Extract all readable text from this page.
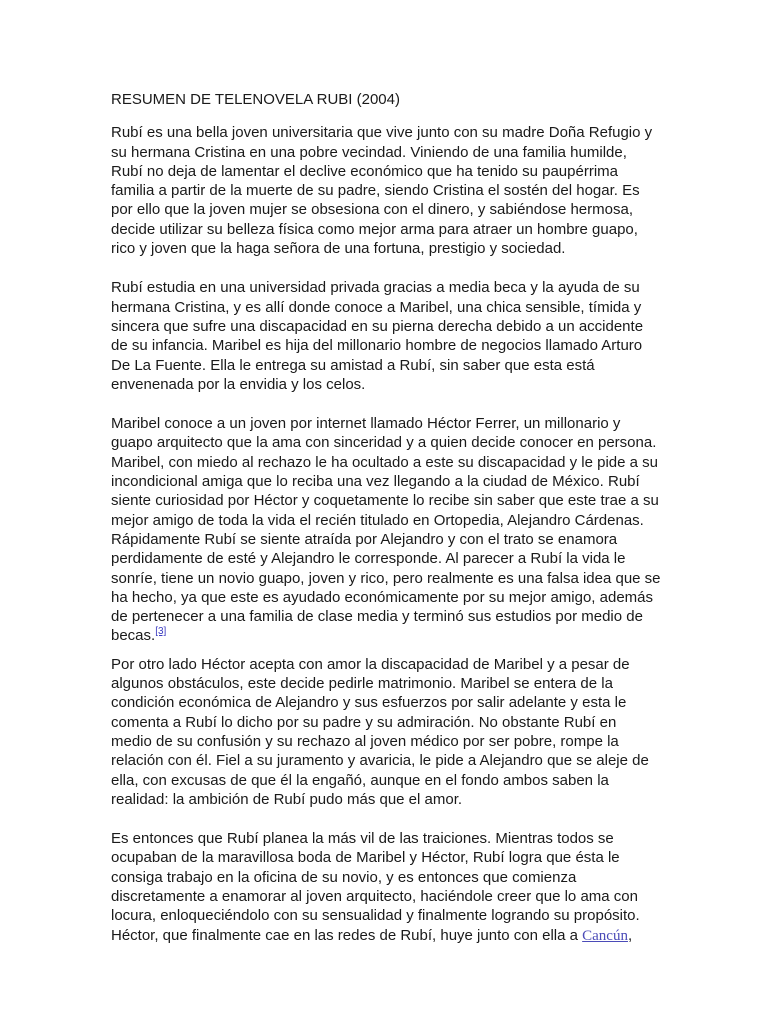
RESUMEN DE TELENOVELA RUBI (2004)

Rubí es una bella joven universitaria que vive junto con su madre Doña Refugio y su hermana Cristina en una pobre vecindad. Viniendo de una familia humilde, Rubí no deja de lamentar el declive económico que ha tenido su paupérrima familia a partir de la muerte de su padre, siendo Cristina el sostén del hogar. Es por ello que la joven mujer se obsesiona con el dinero, y sabiéndose hermosa, decide utilizar su belleza física como mejor arma para atraer un hombre guapo, rico y joven que la haga señora de una fortuna, prestigio y sociedad.

Rubí estudia en una universidad privada gracias a media beca y la ayuda de su hermana Cristina, y es allí donde conoce a Maribel, una chica sensible, tímida y sincera que sufre una discapacidad en su pierna derecha debido a un accidente de su infancia. Maribel es hija del millonario hombre de negocios llamado Arturo De La Fuente. Ella le entrega su amistad a Rubí, sin saber que esta está envenenada por la envidia y los celos.

Maribel conoce a un joven por internet llamado Héctor Ferrer, un millonario y guapo arquitecto que la ama con sinceridad y a quien decide conocer en persona. Maribel, con miedo al rechazo le ha ocultado a este su discapacidad y le pide a su incondicional amiga que lo reciba una vez llegando a la ciudad de México. Rubí siente curiosidad por Héctor y coquetamente lo recibe sin saber que este trae a su mejor amigo de toda la vida el recién titulado en Ortopedia, Alejandro Cárdenas. Rápidamente Rubí se siente atraída por Alejandro y con el trato se enamora perdidamente de esté y Alejandro le corresponde. Al parecer a Rubí la vida le sonríe, tiene un novio guapo, joven y rico, pero realmente es una falsa idea que se ha hecho, ya que este es ayudado económicamente por su mejor amigo, además de pertenecer a una familia de clase media y terminó sus estudios por medio de becas.[3]

Por otro lado Héctor acepta con amor la discapacidad de Maribel y a pesar de algunos obstáculos, este decide pedirle matrimonio. Maribel se entera de la condición económica de Alejandro y sus esfuerzos por salir adelante y esta le comenta a Rubí lo dicho por su padre y su admiración. No obstante Rubí en medio de su confusión y su rechazo al joven médico por ser pobre, rompe la relación con él. Fiel a su juramento y avaricia, le pide a Alejandro que se aleje de ella, con excusas de que él la engañó, aunque en el fondo ambos saben la realidad: la ambición de Rubí pudo más que el amor.

Es entonces que Rubí planea la más vil de las traiciones. Mientras todos se ocupaban de la maravillosa boda de Maribel y Héctor, Rubí logra que ésta le consiga trabajo en la oficina de su novio, y es entonces que comienza discretamente a enamorar al joven arquitecto, haciéndole creer que lo ama con locura, enloqueciéndolo con su sensualidad y finalmente logrando su propósito. Héctor, que finalmente cae en las redes de Rubí, huye junto con ella a Cancún,
